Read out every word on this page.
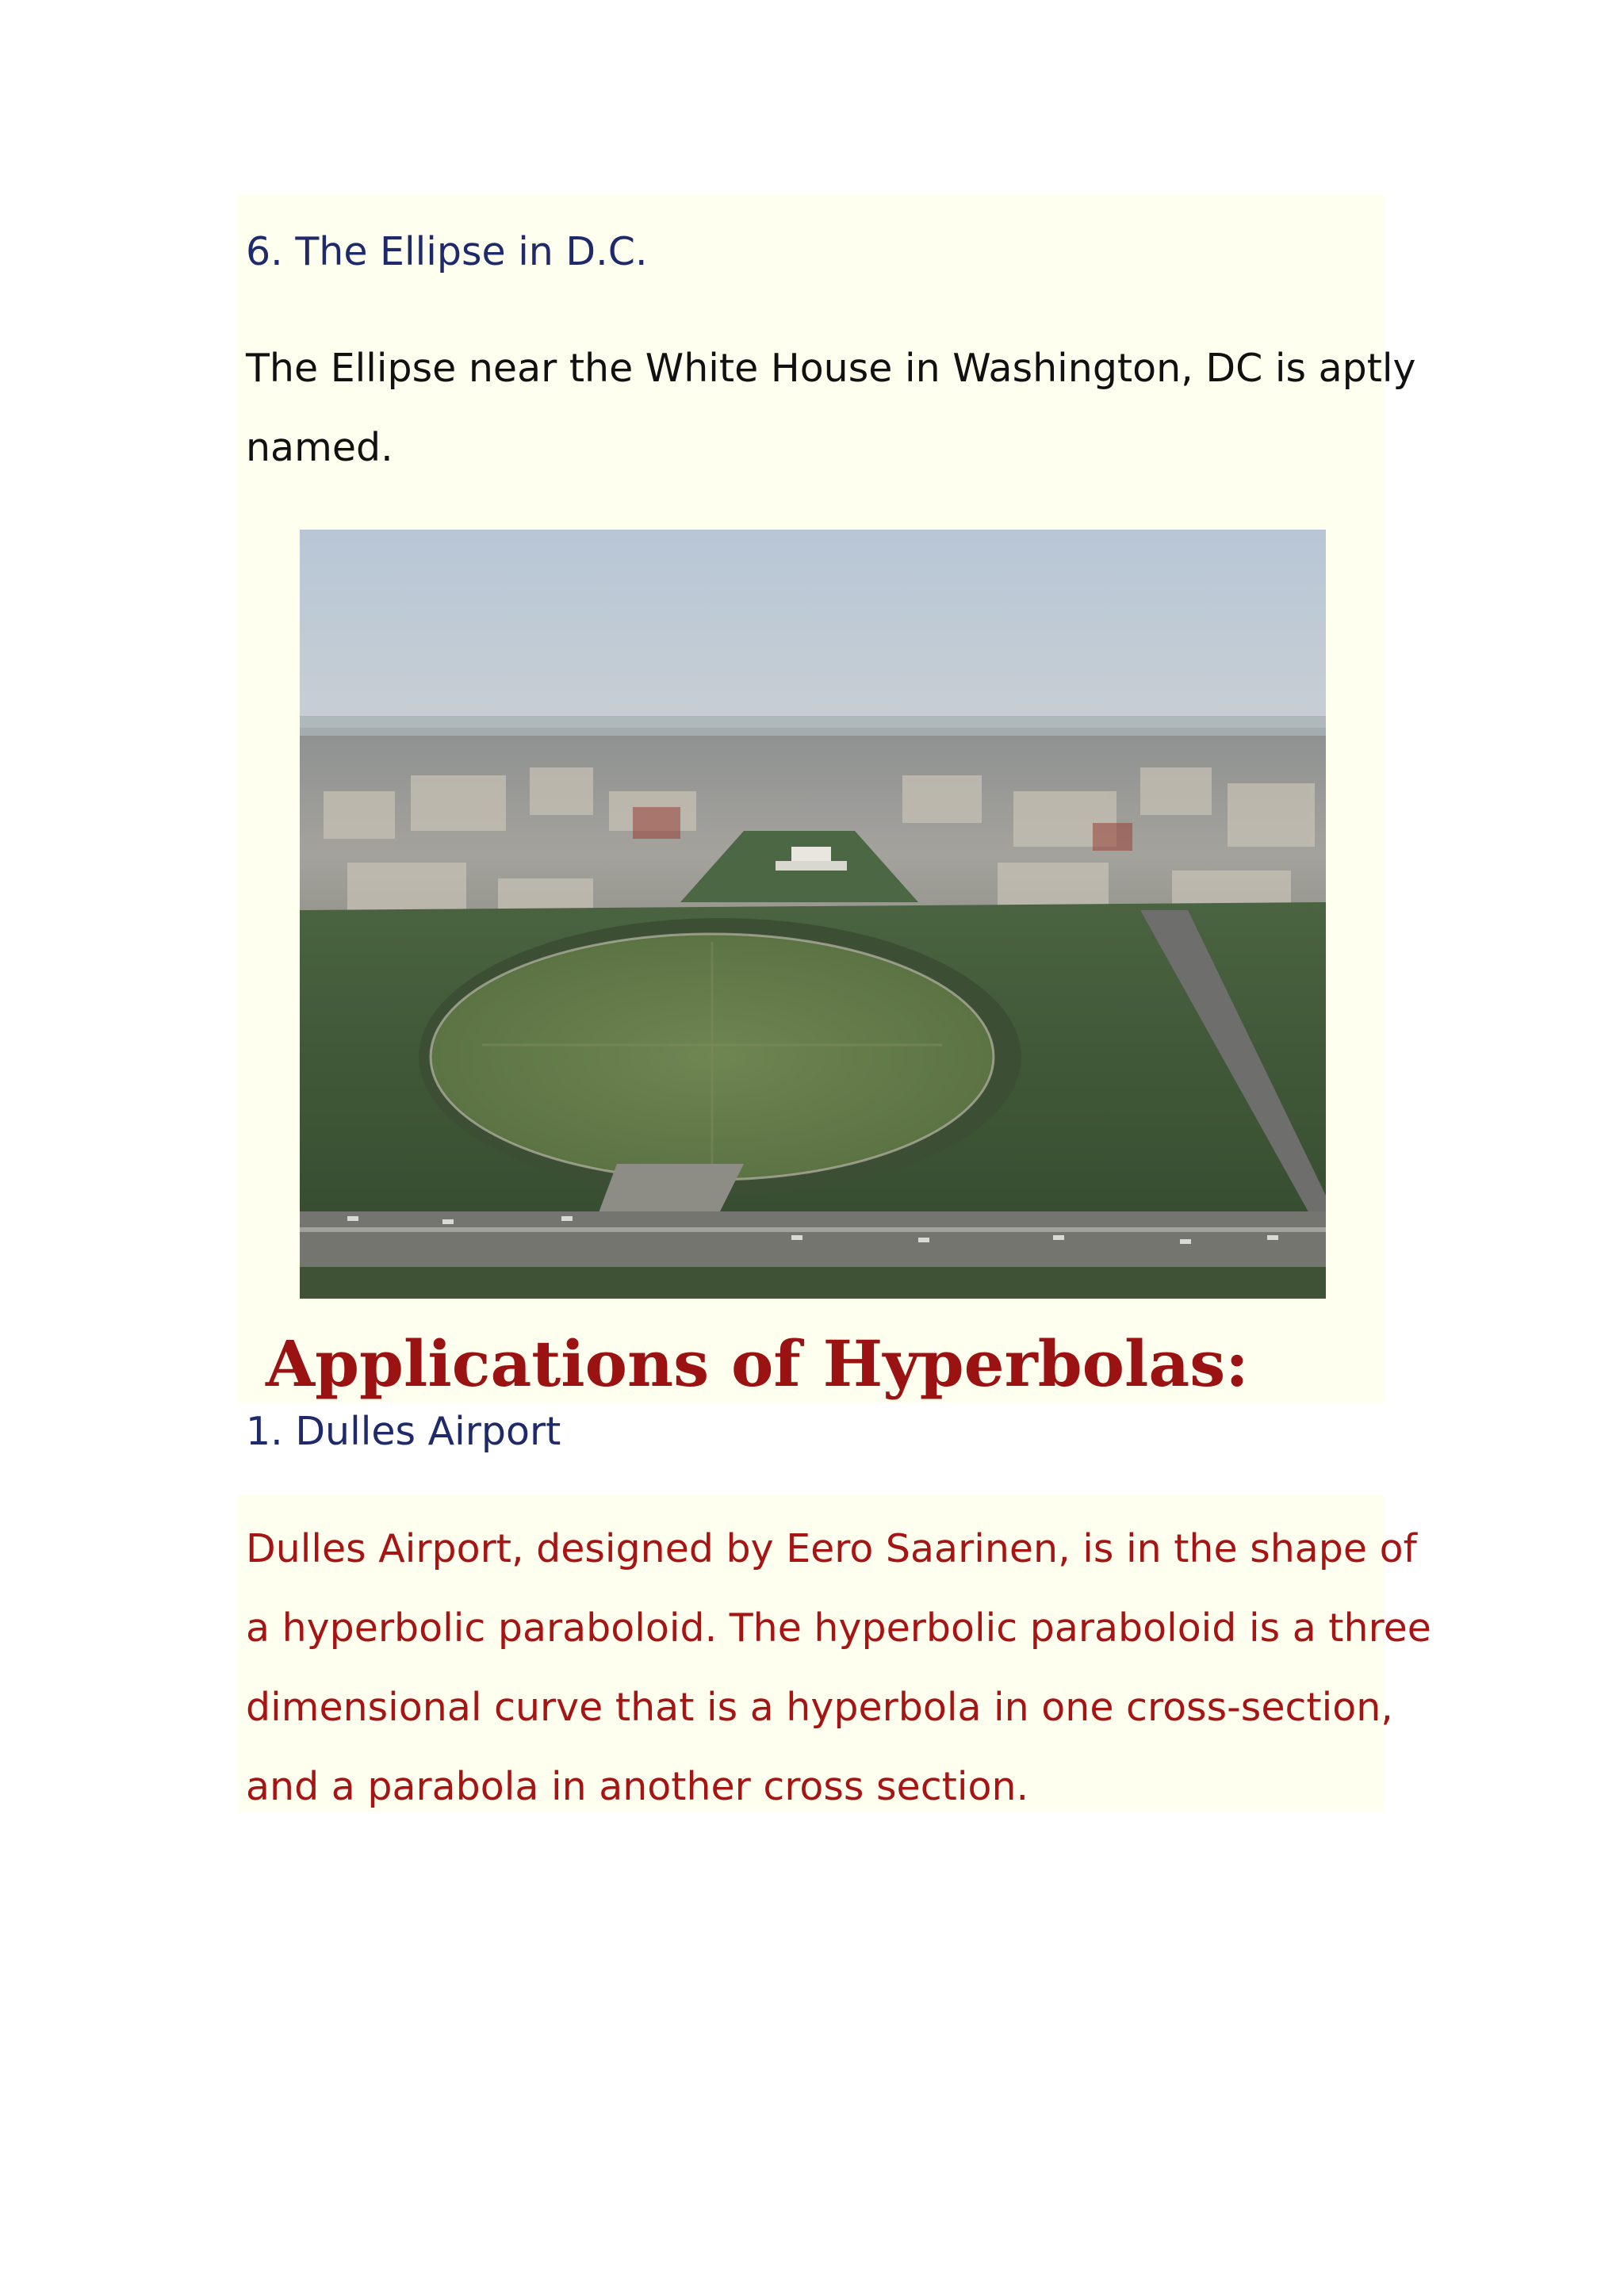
6. The Ellipse in D.C.

The Ellipse near the White House in Washington, DC is aptly

named.

Applications of Hyperbolas:

1. Dulles Airport

Dulles Airport, designed by Eero Saarinen, is in the shape of

a hyperbolic paraboloid. The hyperbolic paraboloid is a three

dimensional curve that is a hyperbola in one cross-section,

and a parabola in another cross section.
